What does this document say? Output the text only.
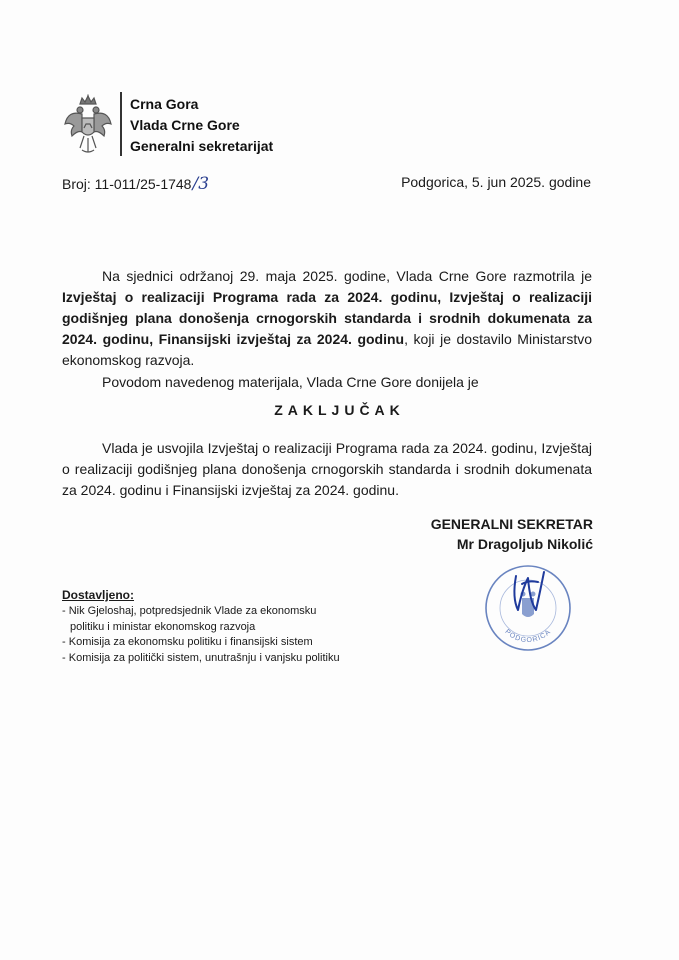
Crna Gora
Vlada Crne Gore
Generalni sekretarijat
Broj: 11-011/25-1748/3	Podgorica, 5. jun 2025. godine
Na sjednici održanoj 29. maja 2025. godine, Vlada Crne Gore razmotrila je Izvještaj o realizaciji Programa rada za 2024. godinu, Izvještaj o realizaciji godišnjeg plana donošenja crnogorskih standarda i srodnih dokumenata za 2024. godinu, Finansijski izvještaj za 2024. godinu, koji je dostavilo Ministarstvo ekonomskog razvoja.
Povodom navedenog materijala, Vlada Crne Gore donijela je
ZAKLJUČAK
Vlada je usvojila Izvještaj o realizaciji Programa rada za 2024. godinu, Izvještaj o realizaciji godišnjeg plana donošenja crnogorskih standarda i srodnih dokumenata za 2024. godinu i Finansijski izvještaj za 2024. godinu.
GENERALNI SEKRETAR
Mr Dragoljub Nikolić
PODGORICA
Dostavljeno:
- Nik Gjeloshaj, potpredsjednik Vlade za ekonomsku
politiku i ministar ekonomskog razvoja
- Komisija za ekonomsku politiku i finansijski sistem
- Komisija za politički sistem, unutrašnju i vanjsku politiku
